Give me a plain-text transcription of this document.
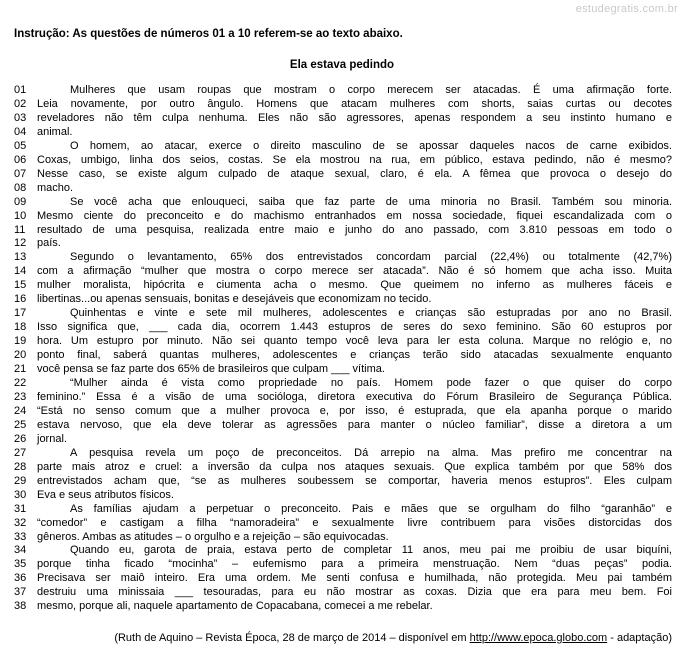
estudegratis.com.br
Instrução: As questões de números 01 a 10 referem-se ao texto abaixo.
Ela estava pedindo
01	Mulheres que usam roupas que mostram o corpo merecem ser atacadas. É uma afirmação forte.
02 Leia novamente, por outro ângulo. Homens que atacam mulheres com shorts, saias curtas ou decotes
03 reveladores não têm culpa nenhuma. Eles não são agressores, apenas respondem a seu instinto humano e
04 animal.
05	O homem, ao atacar, exerce o direito masculino de se apossar daqueles nacos de carne exibidos.
06 Coxas, umbigo, linha dos seios, costas. Se ela mostrou na rua, em público, estava pedindo, não é mesmo?
07 Nesse caso, se existe algum culpado de ataque sexual, claro, é ela. A fêmea que provoca o desejo do
08 macho.
09	Se você acha que enlouqueci, saiba que faz parte de uma minoria no Brasil. Também sou minoria.
10 Mesmo ciente do preconceito e do machismo entranhados em nossa sociedade, fiquei escandalizada com o
11	resultado de uma pesquisa, realizada entre maio e junho do ano passado, com 3.810 pessoas em todo o
12 país.
13	Segundo o levantamento, 65% dos entrevistados concordam parcial (22,4%) ou totalmente (42,7%)
14 com a afirmação “mulher que mostra o corpo merece ser atacada”. Não é só homem que acha isso. Muita
15 mulher moralista, hipócrita e ciumenta acha o mesmo. Que queimem no inferno as mulheres fáceis e
16 libertinas...ou apenas sensuais, bonitas e desejáveis que economizam no tecido.
17	Quinhentas e vinte e sete mil mulheres, adolescentes e crianças são estupradas por ano no Brasil.
18 Isso significa que, ___ cada dia, ocorrem 1.443 estupros de seres do sexo feminino. São 60 estupros por
19 hora. Um estupro por minuto. Não sei quanto tempo você leva para ler esta coluna. Marque no relógio e, no
20 ponto final, saberá quantas mulheres, adolescentes e crianças terão sido atacadas sexualmente enquanto
21 você pensa se faz parte dos 65% de brasileiros que culpam ___ vítima.
22	“Mulher ainda é vista como propriedade no país. Homem pode fazer o que quiser do corpo
23 feminino.” Essa é a visão de uma socióloga, diretora executiva do Fórum Brasileiro de Segurança Pública.
24 “Está no senso comum que a mulher provoca e, por isso, é estuprada, que ela apanha porque o marido
25 estava nervoso, que ela deve tolerar as agressões para manter o núcleo familiar”, disse a diretora a um
26 jornal.
27	A pesquisa revela um poço de preconceitos. Dá arrepio na alma. Mas prefiro me concentrar na
28 parte mais atroz e cruel: a inversão da culpa nos ataques sexuais. Que explica também por que 58% dos
29 entrevistados acham que, “se as mulheres soubessem se comportar, haveria menos estupros”. Eles culpam
30 Eva e seus atributos físicos.
31	As famílias ajudam a perpetuar o preconceito. Pais e mães que se orgulham do filho “garanhão” e
32 “comedor” e castigam a filha “namoradeira” e sexualmente livre contribuem para visões distorcidas dos
33 gêneros. Ambas as atitudes – o orgulho e a rejeição – são equivocadas.
34	Quando eu, garota de praia, estava perto de completar 11 anos, meu pai me proibiu de usar biquíni,
35 porque tinha ficado “mocinha” – eufemismo para a primeira menstruação. Nem “duas peças” podia.
36 Precisava ser maiô inteiro. Era uma ordem. Me senti confusa e humilhada, não protegida. Meu pai também
37 destruiu uma minissaia ___ tesouradas, para eu não mostrar as coxas. Dizia que era para meu bem. Foi
38 mesmo, porque ali, naquele apartamento de Copacabana, comecei a me rebelar.
(Ruth de Aquino – Revista Época, 28 de março de 2014 – disponível em http://www.epoca.globo.com - adaptação)
